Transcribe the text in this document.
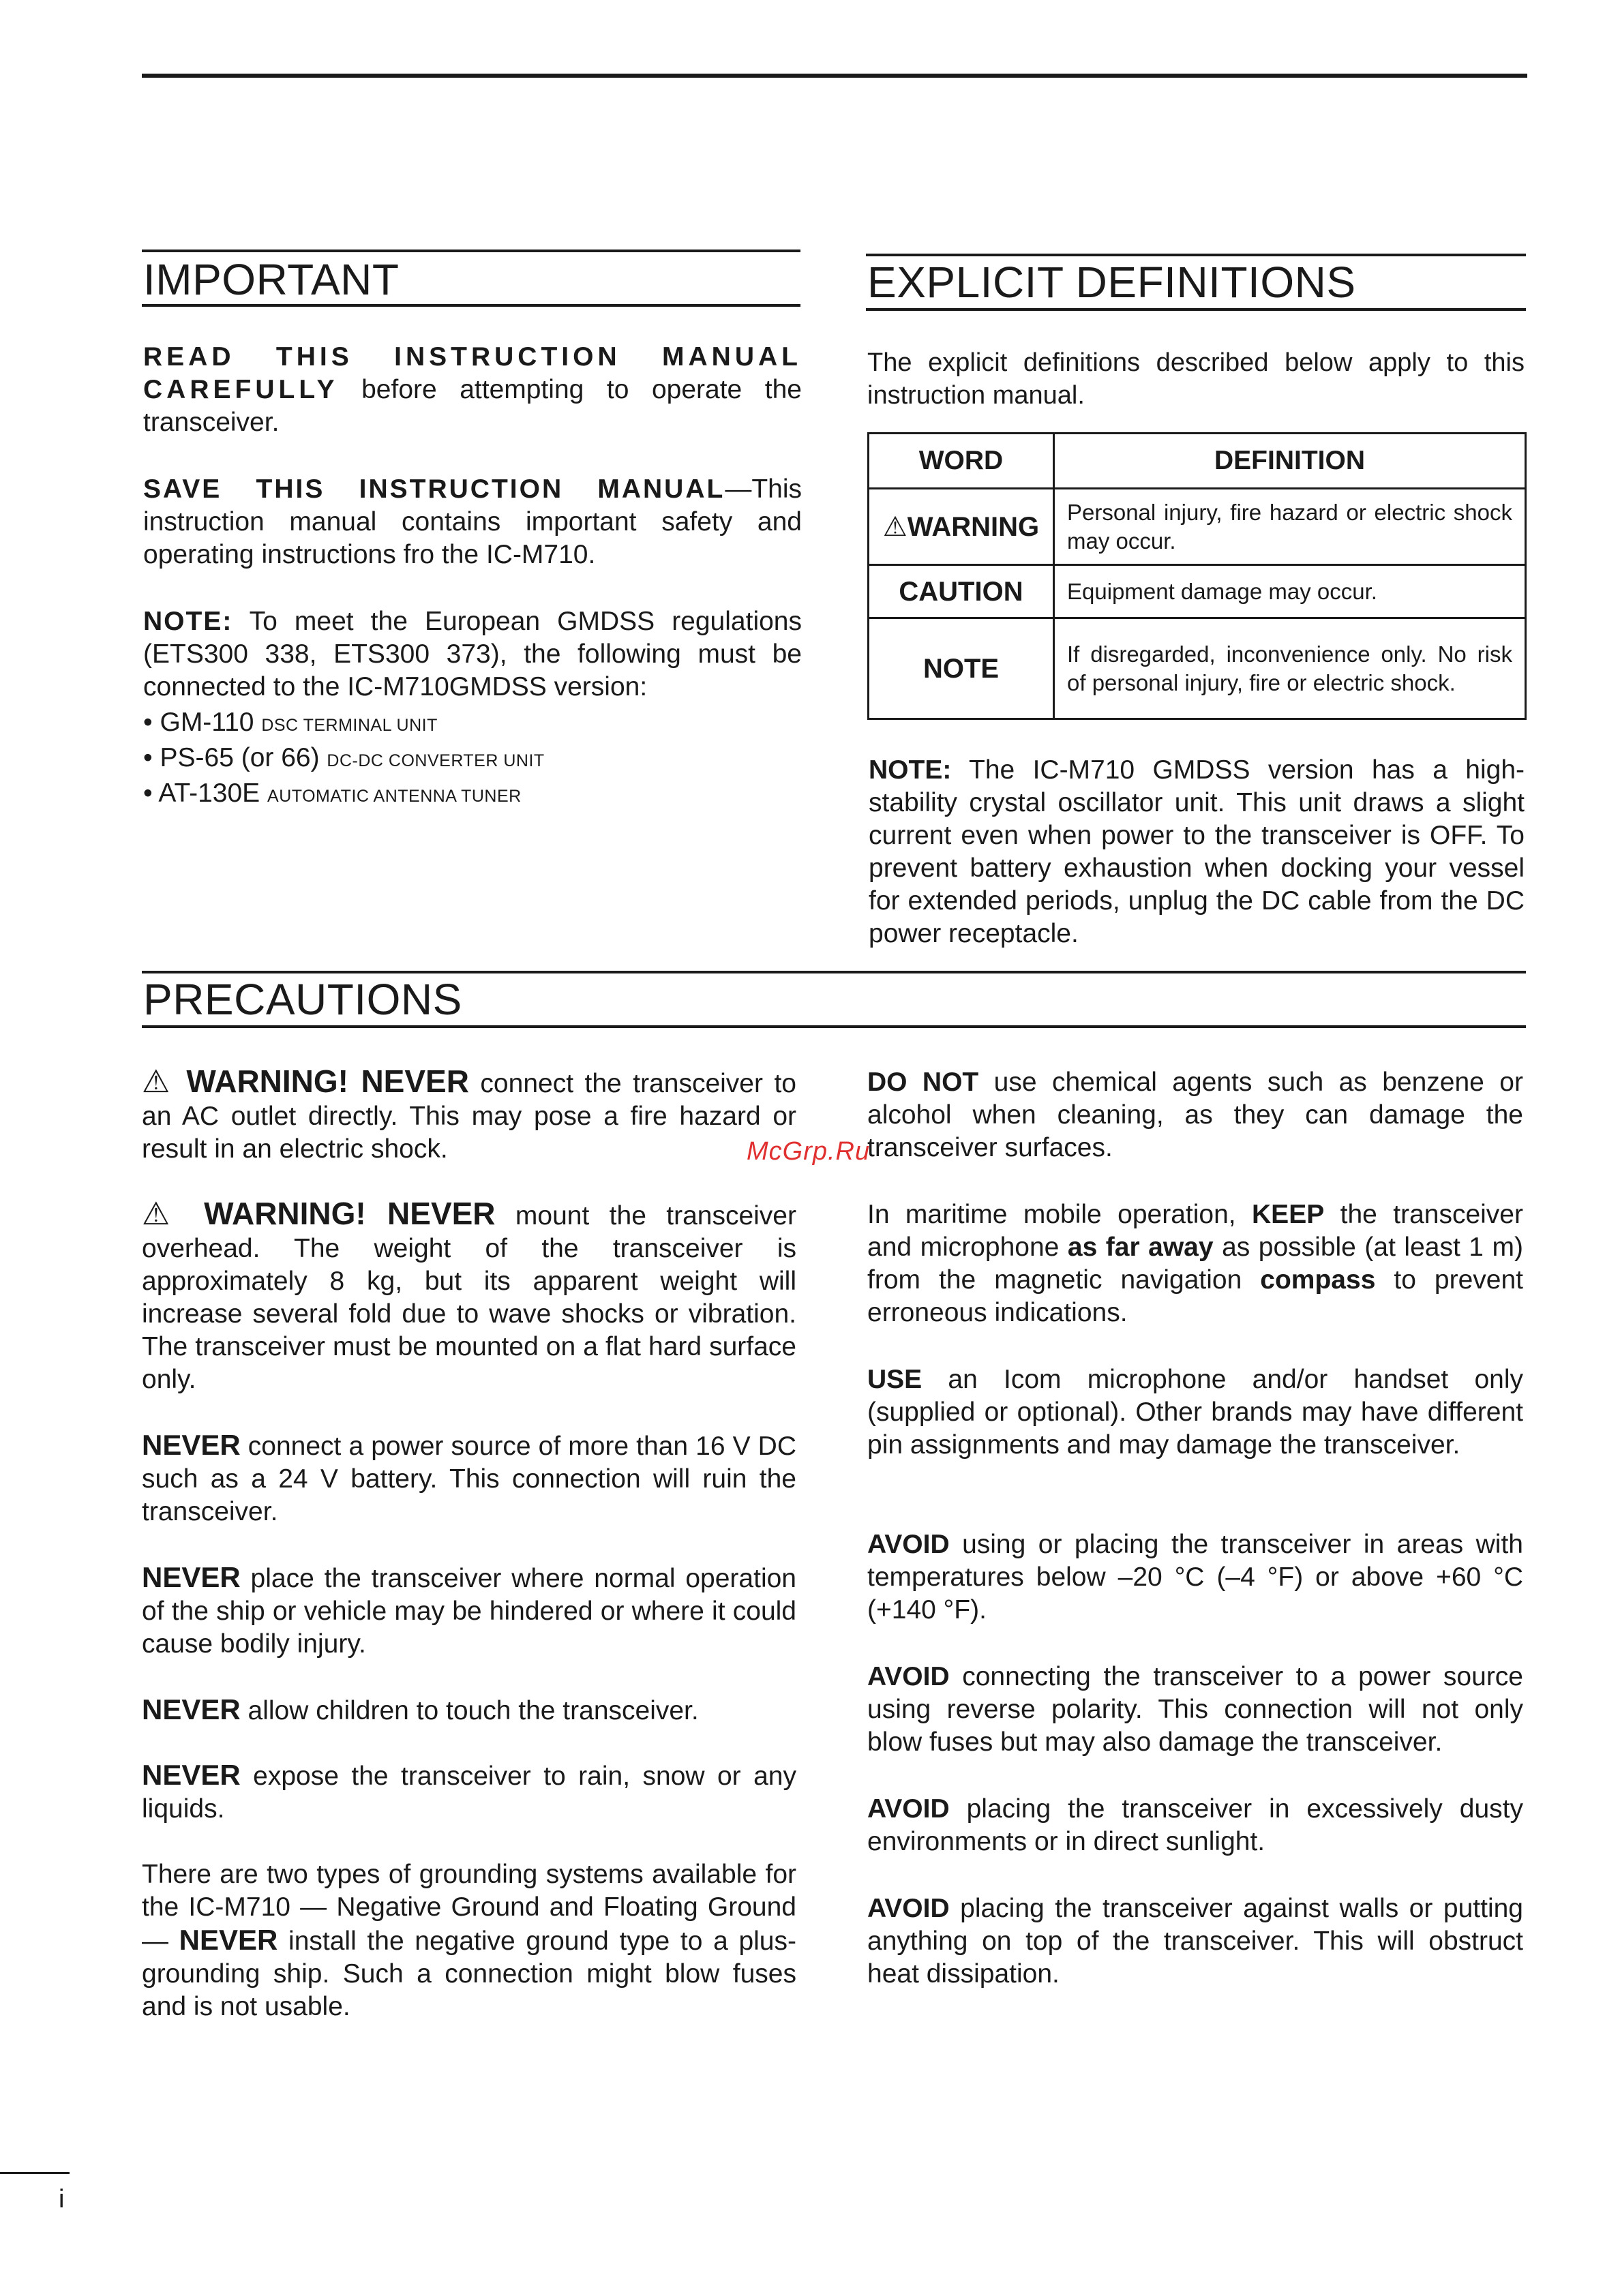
IMPORTANT

READ THIS INSTRUCTION MANUAL CAREFULLY before attempting to operate the transceiver.

SAVE THIS INSTRUCTION MANUAL—This instruction manual contains important safety and operating instructions fro the IC-M710.

NOTE: To meet the European GMDSS regulations (ETS300 338, ETS300 373), the following must be connected to the IC-M710GMDSS version:

• GM-110 DSC TERMINAL UNIT
• PS-65 (or 66) DC-DC CONVERTER UNIT
• AT-130E AUTOMATIC ANTENNA TUNER
EXPLICIT DEFINITIONS

The explicit definitions described below apply to this instruction manual.

WORD	DEFINITION
⚠WARNING	Personal injury, fire hazard or electric shock may occur.
CAUTION	Equipment damage may occur.
NOTE	If disregarded, inconvenience only. No risk of personal injury, fire or electric shock.

NOTE: The IC-M710 GMDSS version has a high-stability crystal oscillator unit. This unit draws a slight current even when power to the transceiver is OFF. To prevent battery exhaustion when docking your vessel for extended periods, unplug the DC cable from the DC power receptacle.

PRECAUTIONS

⚠ WARNING! NEVER connect the transceiver to an AC outlet directly. This may pose a fire hazard or result in an electric shock.

⚠ WARNING! NEVER mount the transceiver overhead. The weight of the transceiver is approximately 8 kg, but its apparent weight will increase several fold due to wave shocks or vibration. The transceiver must be mounted on a flat hard surface only.

NEVER connect a power source of more than 16 V DC such as a 24 V battery. This connection will ruin the transceiver.

NEVER place the transceiver where normal operation of the ship or vehicle may be hindered or where it could cause bodily injury.

NEVER allow children to touch the transceiver.

NEVER expose the transceiver to rain, snow or any liquids.

There are two types of grounding systems available for the IC-M710 — Negative Ground and Floating Ground — NEVER install the negative ground type to a plus-grounding ship. Such a connection might blow fuses and is not usable.

DO NOT use chemical agents such as benzene or alcohol when cleaning, as they can damage the transceiver surfaces.

In maritime mobile operation, KEEP the transceiver and microphone as far away as possible (at least 1 m) from the magnetic navigation compass to prevent erroneous indications.

USE an Icom microphone and/or handset only (supplied or optional). Other brands may have different pin assignments and may damage the transceiver.

AVOID using or placing the transceiver in areas with temperatures below –20 °C (–4 °F) or above +60 °C (+140 °F).

AVOID connecting the transceiver to a power source using reverse polarity. This connection will not only blow fuses but may also damage the transceiver.

AVOID placing the transceiver in excessively dusty environments or in direct sunlight.

AVOID placing the transceiver against walls or putting anything on top of the transceiver. This will obstruct heat dissipation.

McGrp.Ru
i
